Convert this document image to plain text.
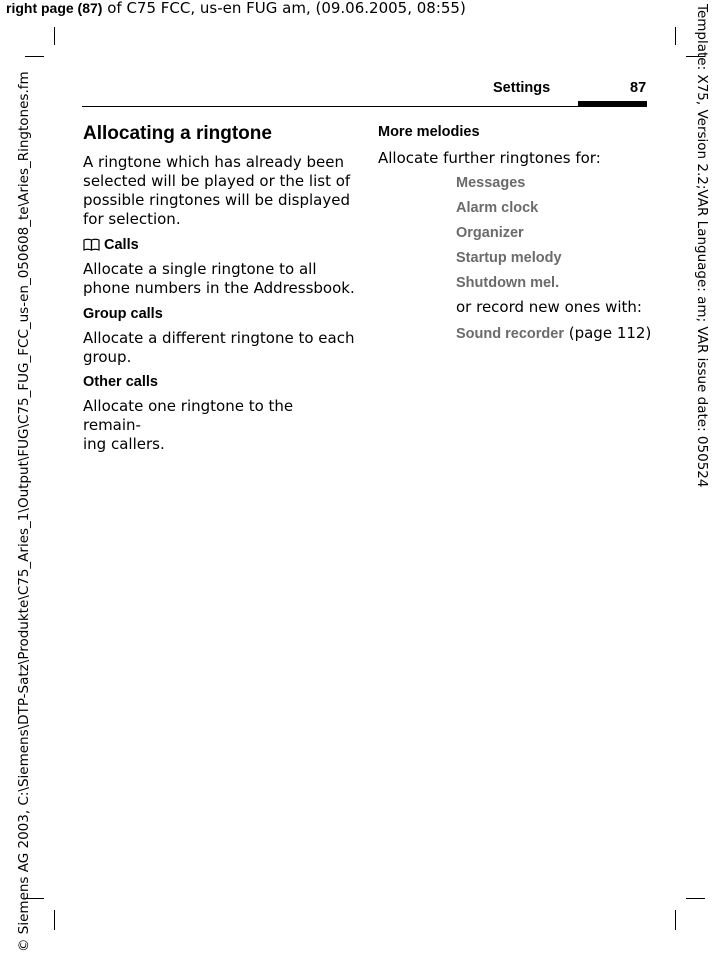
right page (87) of C75 FCC, us-en FUG am, (09.06.2005, 08:55)
© Siemens AG 2003, C:\Siemens\DTP-Satz\Produkte\C75_Aries_1\Output\FUG\C75_FUG_FCC_us-en_050608_te\Aries_Ringtones.fm	Template: X75, Version 2.2;VAR Language: am; VAR issue date: 050524
Settings	87
Allocating a ringtone
A ringtone which has already been
selected will be played or the list of
possible ringtones will be displayed
for selection.
Calls
Allocate a single ringtone to all
phone numbers in the Addressbook.
Group calls
Allocate a different ringtone to each
group.
Other calls
Allocate one ringtone to the remain-
ing callers.
More melodies
Allocate further ringtones for:
Messages
Alarm clock
Organizer
Startup melody
Shutdown mel.
or record new ones with:
Sound recorder (page 112)
